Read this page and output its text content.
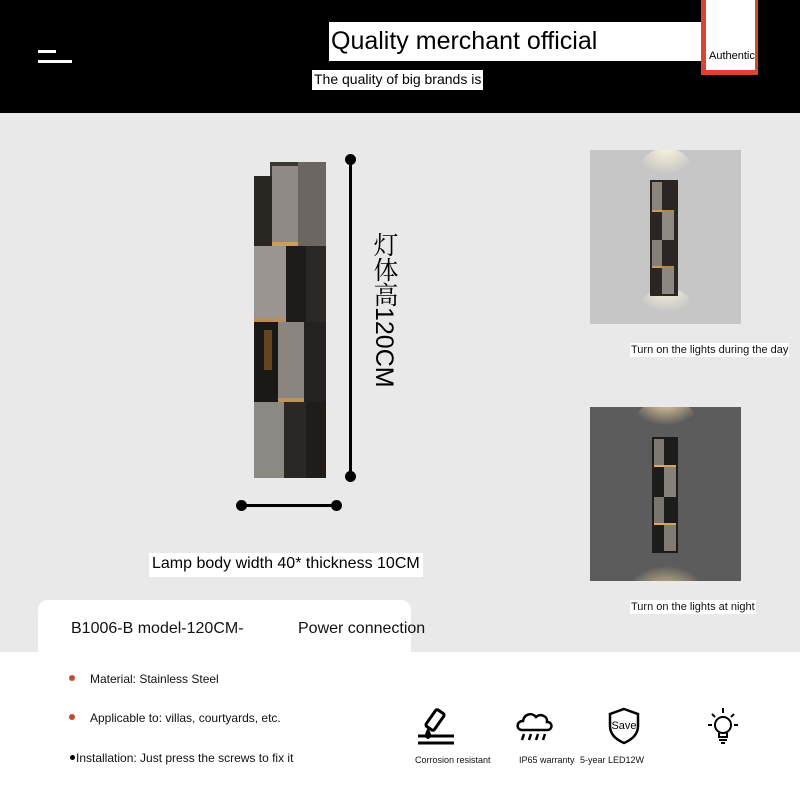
Quality merchant official
The quality of big brands is
Authentic
灯体高120CM
Lamp body width 40* thickness 10CM
Turn on the lights during the day
Turn on the lights at night
B1006-B model-120CM-	Power connection
Material: Stainless Steel
Applicable to: villas, courtyards, etc.
Installation: Just press the screws to fix it	Corrosion resistant	IP65 warranty
Save
5-year LED12W
